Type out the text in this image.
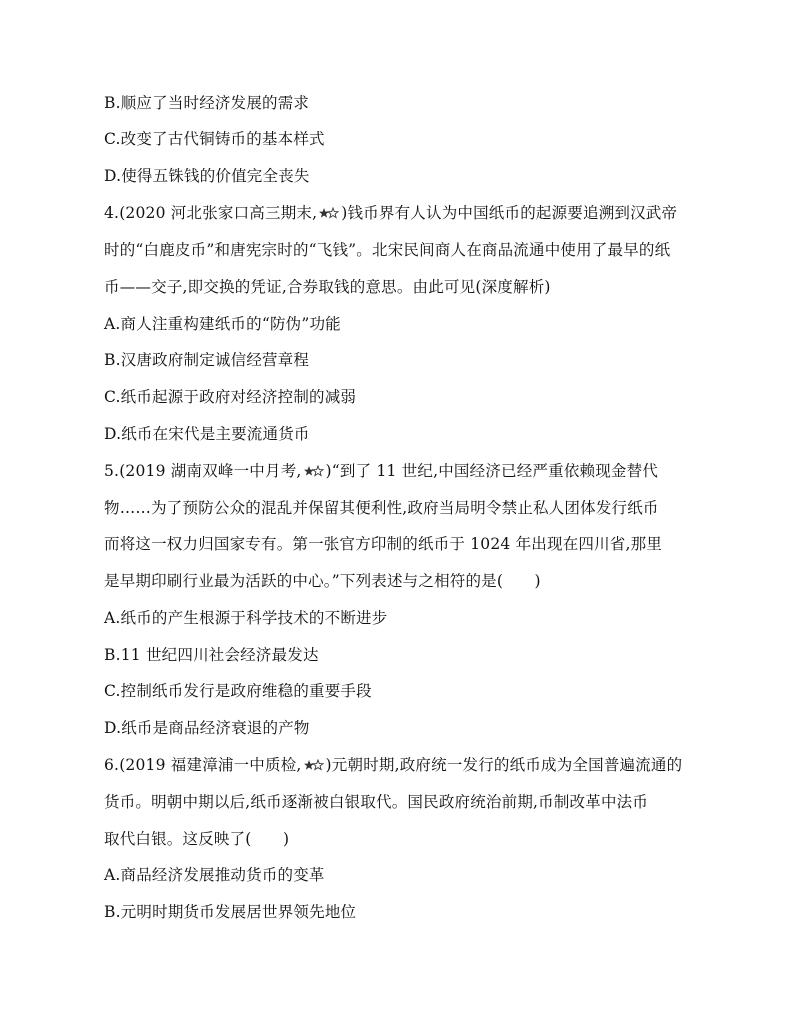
B.顺应了当时经济发展的需求
C.改变了古代铜铸币的基本样式
D.使得五铢钱的价值完全丧失
4.(2020 河北张家口高三期末, )钱币界有人认为中国纸币的起源要追溯到汉武帝
时的“白鹿皮币”和唐宪宗时的“飞钱”。北宋民间商人在商品流通中使用了最早的纸
币——交子,即交换的凭证,合券取钱的意思。由此可见(深度解析)
A.商人注重构建纸币的“防伪”功能
B.汉唐政府制定诚信经营章程
C.纸币起源于政府对经济控制的减弱
D.纸币在宋代是主要流通货币
5.(2019 湖南双峰一中月考, )“到了 11 世纪,中国经济已经严重依赖现金替代
物……为了预防公众的混乱并保留其便利性,政府当局明令禁止私人团体发行纸币
而将这一权力归国家专有。第一张官方印制的纸币于 1024 年出现在四川省,那里
是早期印刷行业最为活跃的中心。”下列表述与之相符的是(　　)
A.纸币的产生根源于科学技术的不断进步
B.11 世纪四川社会经济最发达
C.控制纸币发行是政府维稳的重要手段
D.纸币是商品经济衰退的产物
6.(2019 福建漳浦一中质检, )元朝时期,政府统一发行的纸币成为全国普遍流通的
货币。明朝中期以后,纸币逐渐被白银取代。国民政府统治前期,币制改革中法币
取代白银。这反映了(　　)
A.商品经济发展推动货币的变革
B.元明时期货币发展居世界领先地位
